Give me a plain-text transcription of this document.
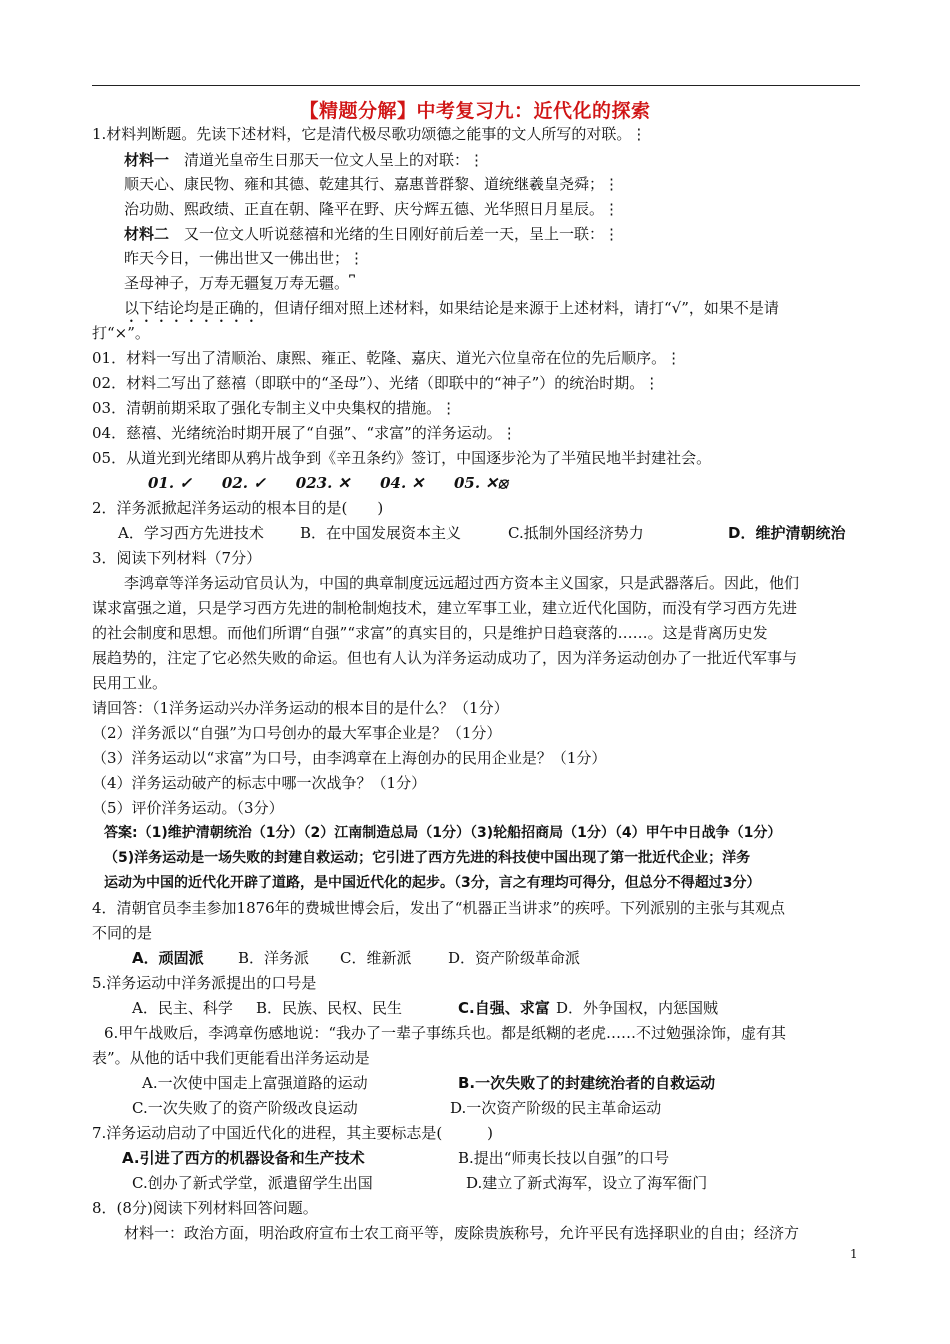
【精题分解】中考复习九：近代化的探索
1.材料判断题。先读下述材料，它是清代极尽歌功颂德之能事的文人所写的对联。⋮
材料一　清道光皇帝生日那天一位文人呈上的对联：⋮
顺天心、康民物、雍和其德、乾建其行、嘉惠普群黎、道统继羲皇尧舜；⋮
治功勋、熙政绩、正直在朝、隆平在野、庆兮辉五德、光华照日月星辰。⋮
材料二　又一位文人听说慈禧和光绪的生日刚好前后差一天，呈上一联：⋮
昨天今日，一佛出世又一佛出世；⋮
圣母神子，万寿无疆复万寿无疆。⎴
以下结论均是正确的，但请仔细对照上述材料，如果结论是来源于上述材料，请打“√”，如果不是请
打“×”。
01．材料一写出了清顺治、康熙、雍正、乾隆、嘉庆、道光六位皇帝在位的先后顺序。⋮
02．材料二写出了慈禧（即联中的“圣母”）、光绪（即联中的“神子”）的统治时期。⋮
03．清朝前期采取了强化专制主义中央集权的措施。⋮
04．慈禧、光绪统治时期开展了“自强”、“求富”的洋务运动。⋮
05．从道光到光绪即从鸦片战争到《辛丑条约》签订，中国逐步沦为了半殖民地半封建社会。
01. ✓　　02. ✓　　023. ✕　　04. ✕　　05. ✕⦻
2．洋务派掀起洋务运动的根本目的是(　　)
A．学习西方先进技术 B．在中国发展资本主义	C.抵制外国经济势力	D．维护清朝统治
3．阅读下列材料（7分）
李鸿章等洋务运动官员认为，中国的典章制度远远超过西方资本主义国家，只是武器落后。因此，他们
谋求富强之道，只是学习西方先进的制枪制炮技术，建立军事工业，建立近代化国防，而没有学习西方先进
的社会制度和思想。而他们所谓“自强”“求富”的真实目的，只是维护日趋衰落的……。这是背离历史发
展趋势的，注定了它必然失败的命运。但也有人认为洋务运动成功了，因为洋务运动创办了一批近代军事与
民用工业。
请回答：（1洋务运动兴办洋务运动的根本目的是什么？（1分）
（2）洋务派以“自强”为口号创办的最大军事企业是？（1分）
（3）洋务运动以“求富”为口号，由李鸿章在上海创办的民用企业是？（1分）
（4）洋务运动破产的标志中哪一次战争？（1分）
（5）评价洋务运动。（3分）
答案:（1)维护清朝统治（1分）（2）江南制造总局（1分）（3)轮船招商局（1分）（4）甲午中日战争（1分）
（5)洋务运动是一场失败的封建自救运动；它引进了西方先进的科技使中国出现了第一批近代企业；洋务
运动为中国的近代化开辟了道路，是中国近代化的起步。（3分，言之有理均可得分，但总分不得超过3分）
4．清朝官员李圭参加1876年的费城世博会后，发出了“机器正当讲求”的疾呼。下列派别的主张与其观点
不同的是
A．顽固派 B．洋务派 C．维新派 D．资产阶级革命派
5.洋务运动中洋务派提出的口号是
A．民主、科学 B．民族、民权、民生	C.自强、求富 D．外争国权，内惩国贼
6.甲午战败后，李鸿章伤感地说：“我办了一辈子事练兵也。都是纸糊的老虎……不过勉强涂饰，虚有其
表”。从他的话中我们更能看出洋务运动是
A.一次使中国走上富强道路的运动	B.一次失败了的封建统治者的自救运动
C.一次失败了的资产阶级改良运动	D.一次资产阶级的民主革命运动
7.洋务运动启动了中国近代化的进程，其主要标志是(　　　)
A.引进了西方的机器设备和生产技术	B.提出“师夷长技以自强”的口号
C.创办了新式学堂，派遣留学生出国	D.建立了新式海军，设立了海军衙门
8．(8分)阅读下列材料回答问题。
材料一：政治方面，明治政府宣布士农工商平等，废除贵族称号，允许平民有选择职业的自由；经济方
1
